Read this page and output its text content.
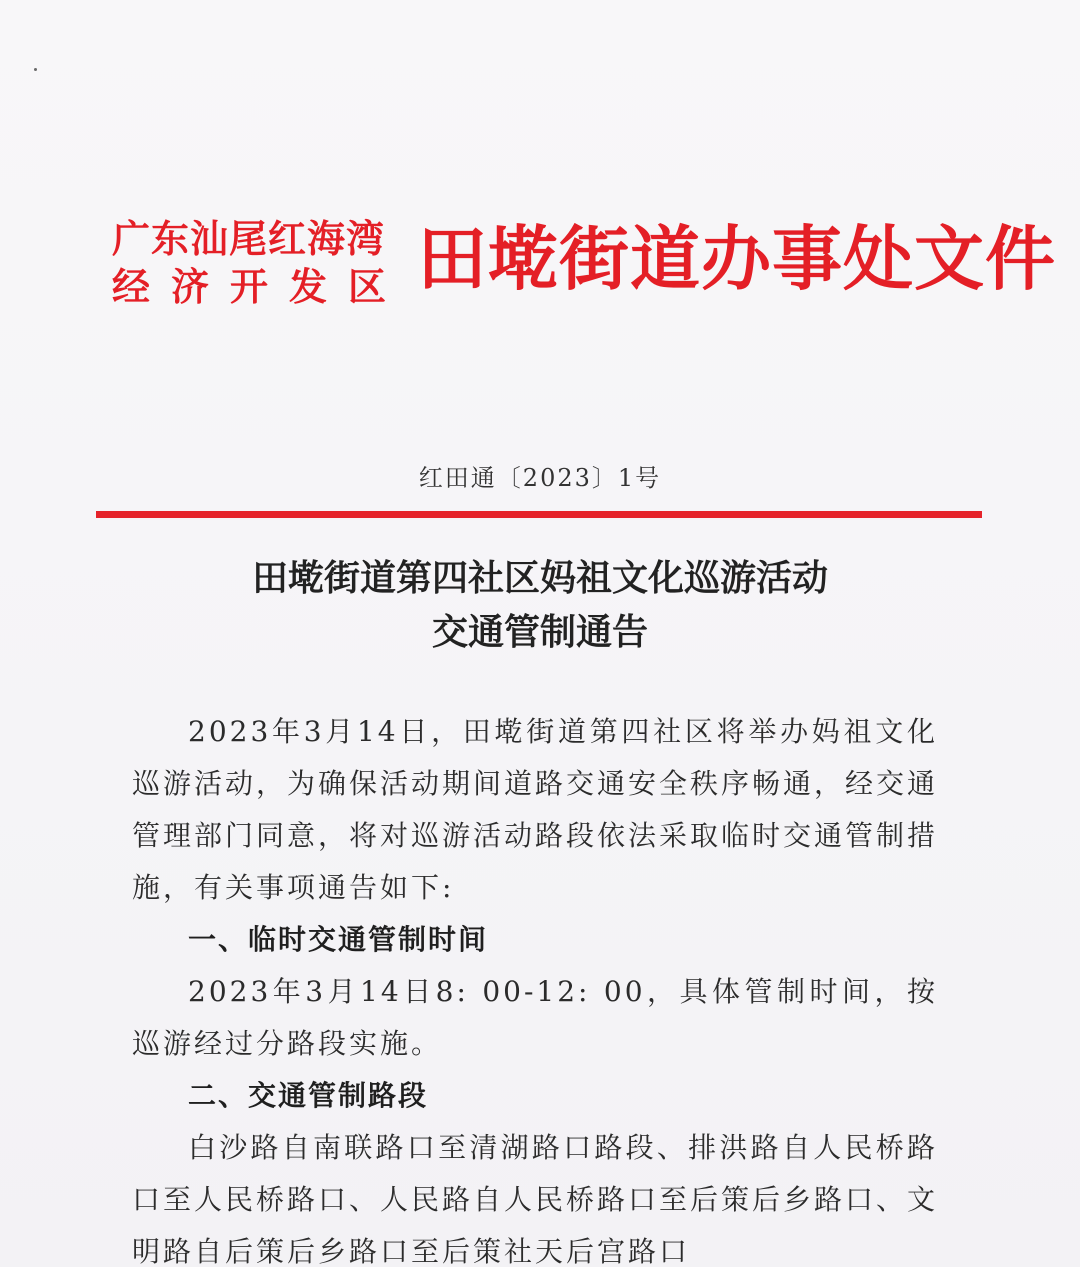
广东汕尾红海湾
经济开发区 田墘街道办事处文件
红田通〔2023〕1号
田墘街道第四社区妈祖文化巡游活动
交通管制通告

2023年3月14日，田墘街道第四社区将举办妈祖文化巡游活动，为确保活动期间道路交通安全秩序畅通，经交通管理部门同意，将对巡游活动路段依法采取临时交通管制措施，有关事项通告如下:

一、临时交通管制时间

2023年3月14日8: 00-12: 00，具体管制时间，按巡游经过分路段实施。

二、交通管制路段

白沙路自南联路口至清湖路口路段、排洪路自人民桥路口至人民桥路口、人民路自人民桥路口至后策后乡路口、文明路自后策后乡路口至后策社天后宫路口
